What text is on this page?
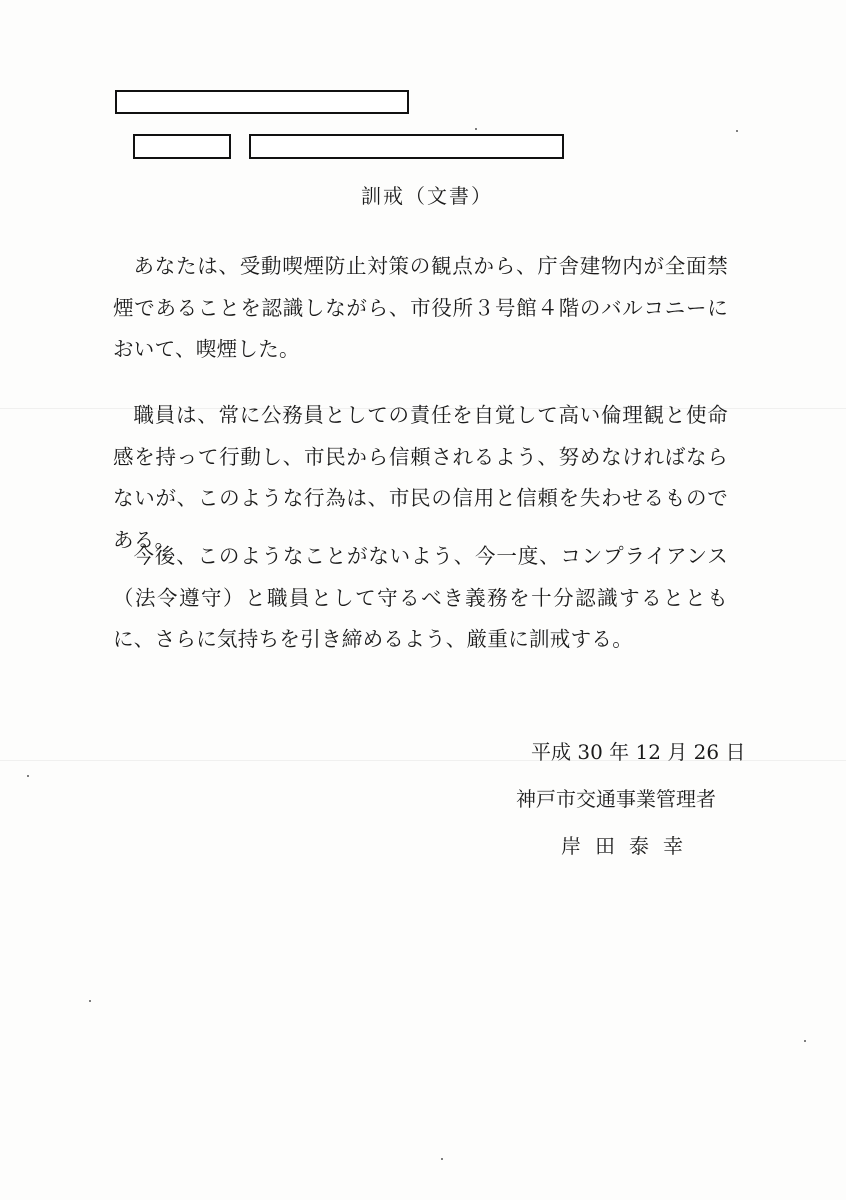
訓戒（文書）

あなたは、受動喫煙防止対策の観点から、庁舎建物内が全面禁煙であることを認識しながら、市役所３号館４階のバルコニーにおいて、喫煙した。

職員は、常に公務員としての責任を自覚して高い倫理観と使命感を持って行動し、市民から信頼されるよう、努めなければならないが、このような行為は、市民の信用と信頼を失わせるものである。

今後、このようなことがないよう、今一度、コンプライアンス（法令遵守）と職員として守るべき義務を十分認識するとともに、さらに気持ちを引き締めるよう、厳重に訓戒する。

平成 30 年 12 月 26 日
神戸市交通事業管理者
岸田泰幸
